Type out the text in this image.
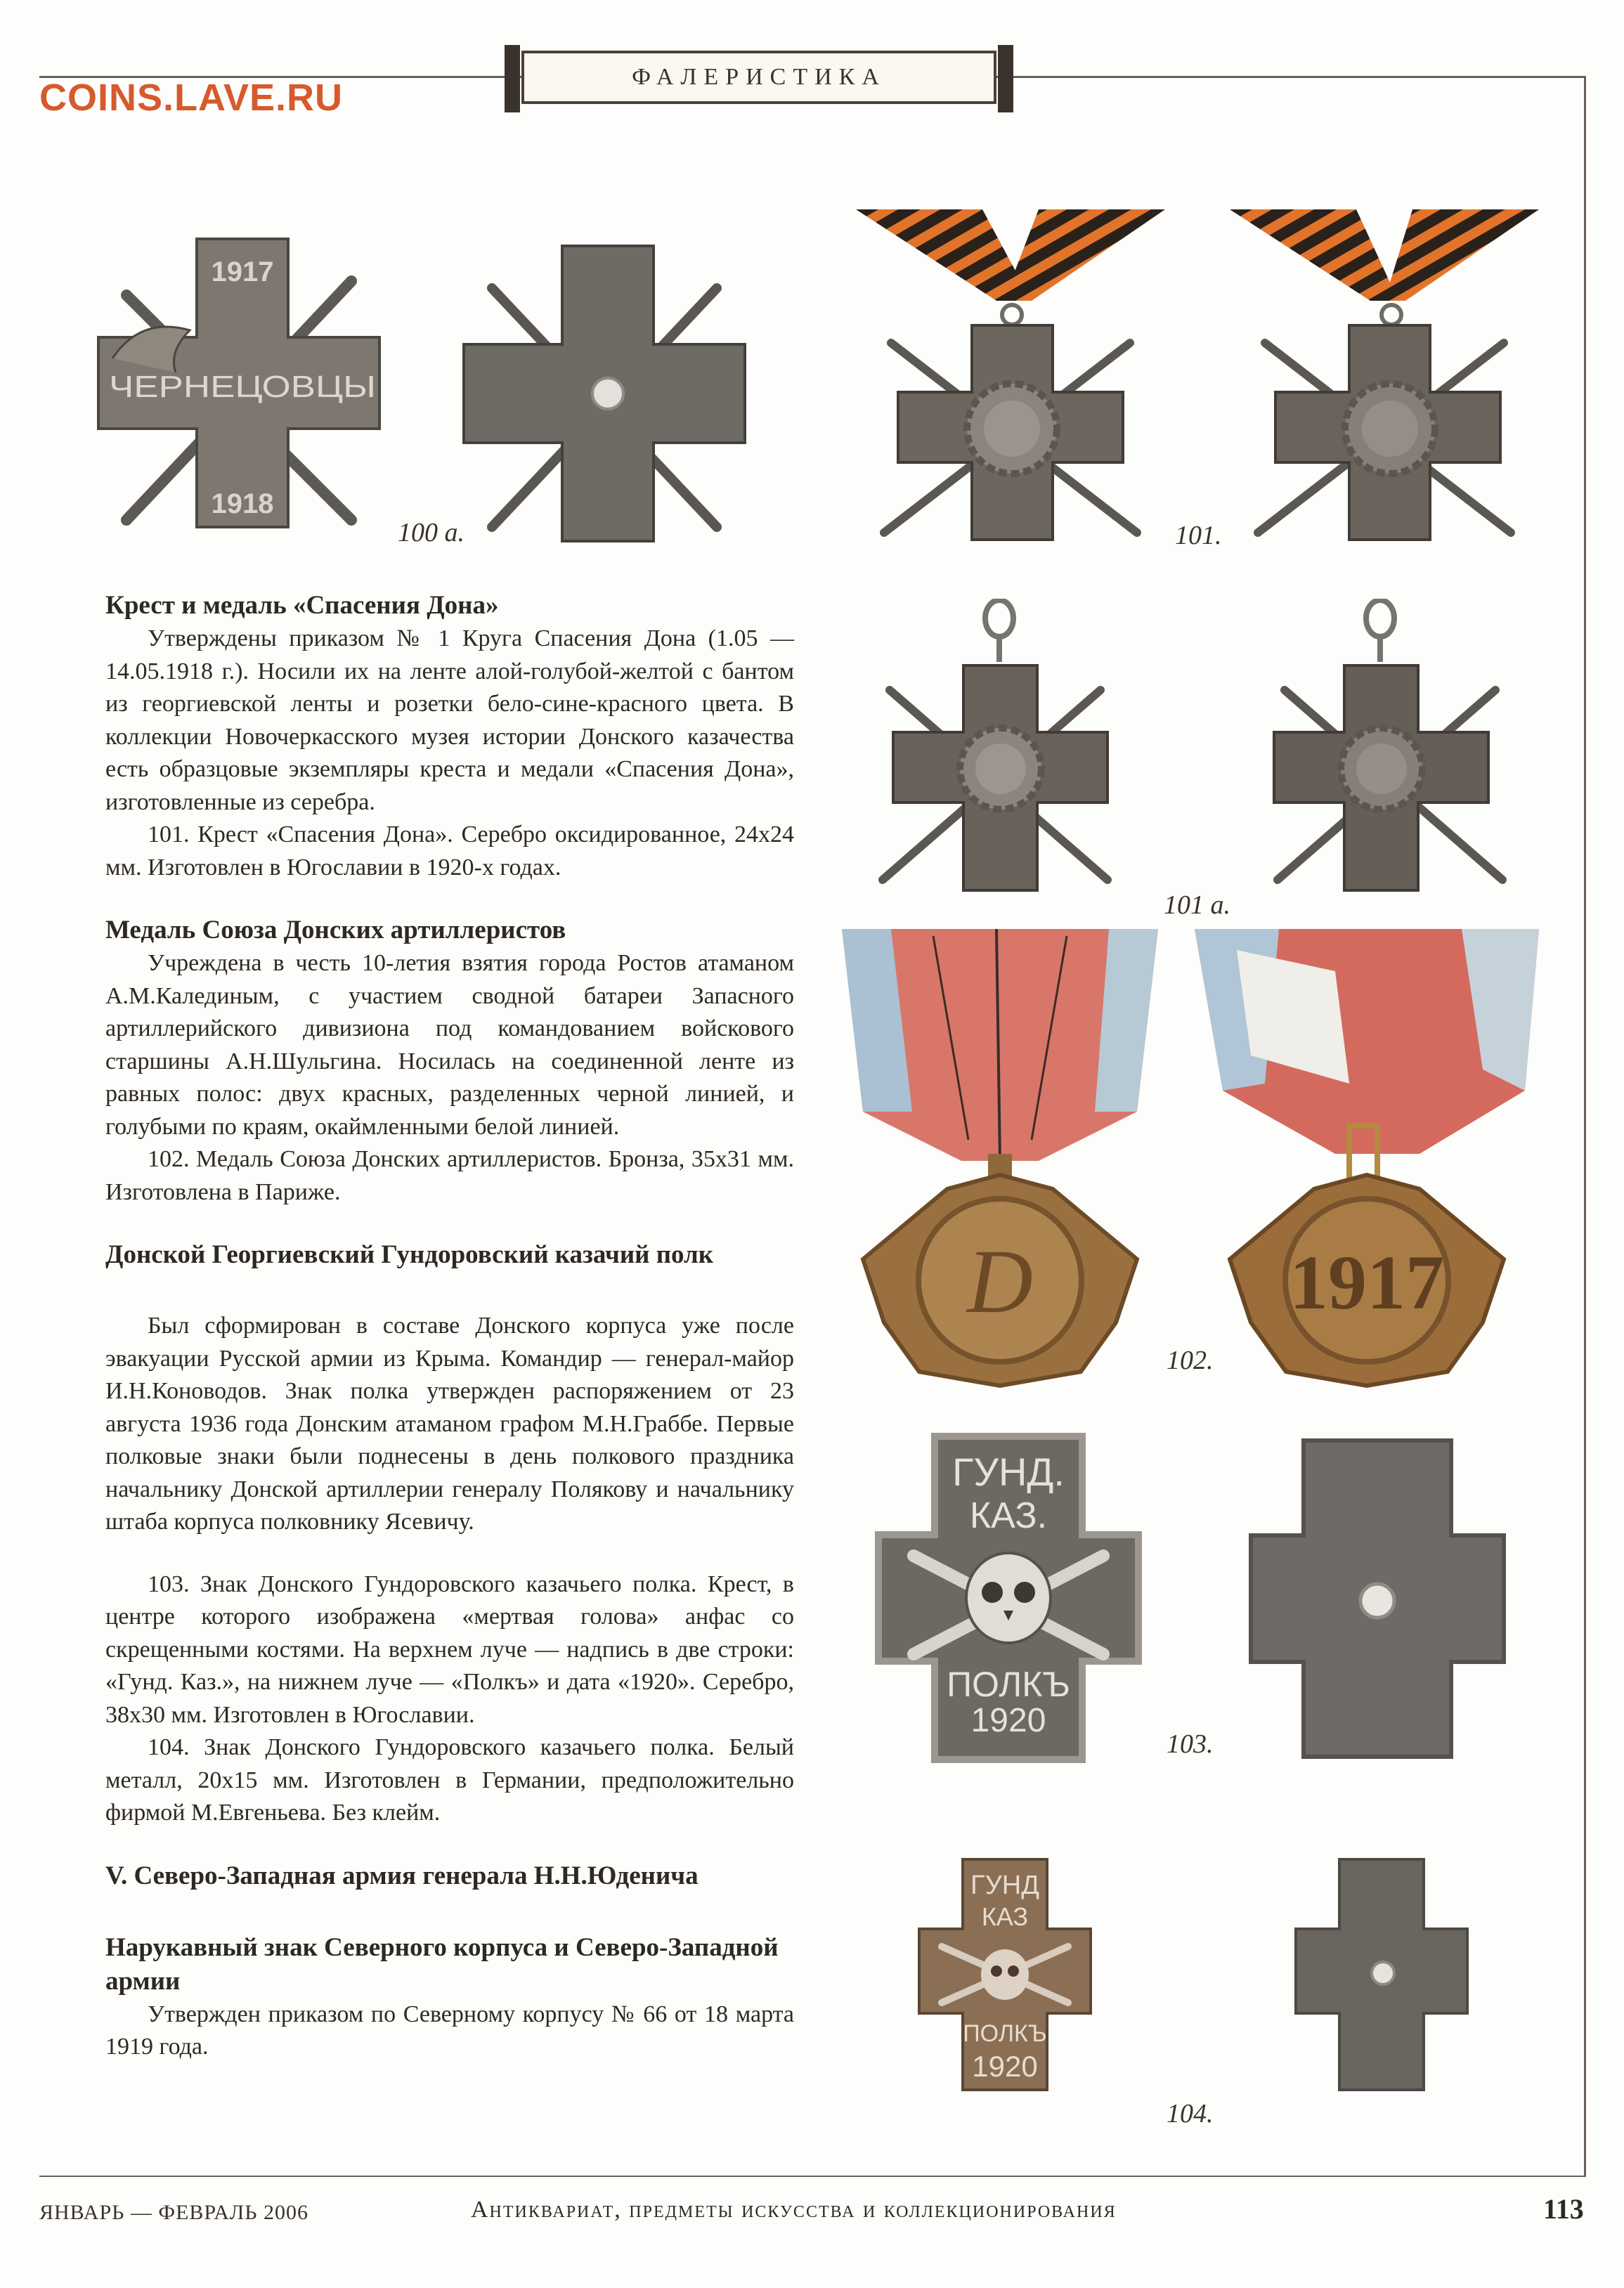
COINS.LAVE.RU	ФАЛЕРИСТИКА
1917
ЧЕРНЕЦОВЦЫ
1918
100 а.	101.
101 а.
D	1917
102.
ГУНД.
КАЗ.
ПОЛКЪ
1920
103.
ГУНД
КАЗ
ПОЛКЪ
1920
104.
Крест и медаль «Спасения Дона»

Утверждены приказом № 1 Круга Спасения Дона (1.05 — 14.05.1918 г.). Носили их на ленте алой-голубой-желтой с бантом из георгиевской ленты и розетки бело-сине-красного цвета. В коллекции Новочеркасского музея истории Донского казачества есть образцовые экземпляры креста и медали «Спасения Дона», изготовленные из серебра.

101. Крест «Спасения Дона». Серебро оксидированное, 24х24 мм. Изготовлен в Югославии в 1920-х годах.

Медаль Союза Донских артиллеристов

Учреждена в честь 10-летия взятия города Ростов атаманом А.М.Калединым, с участием сводной батареи Запасного артиллерийского дивизиона под командованием войскового старшины А.Н.Шульгина. Носилась на соединенной ленте из равных полос: двух красных, разделенных черной линией, и голубыми по краям, окаймленными белой линией.

102. Медаль Союза Донских артиллеристов. Бронза, 35х31 мм. Изготовлена в Париже.

Донской Георгиевский Гундоровский казачий полк

Был сформирован в составе Донского корпуса уже после эвакуации Русской армии из Крыма. Командир — генерал-майор И.Н.Коноводов. Знак полка утвержден распоряжением от 23 августа 1936 года Донским атаманом графом М.Н.Граббе. Первые полковые знаки были поднесены в день полкового праздника начальнику Донской артиллерии генералу Полякову и начальнику штаба корпуса полковнику Ясевичу.

103. Знак Донского Гундоровского казачьего полка. Крест, в центре которого изображена «мертвая голова» анфас со скрещенными костями. На верхнем луче — надпись в две строки: «Гунд. Каз.», на нижнем луче — «Полкъ» и дата «1920». Серебро, 38х30 мм. Изготовлен в Югославии.

104. Знак Донского Гундоровского казачьего полка. Белый металл, 20х15 мм. Изготовлен в Германии, предположительно фирмой М.Евгеньева. Без клейм.

V. Северо-Западная армия генерала Н.Н.Юденича
Нарукавный знак Северного корпуса и Северо-Западной армии

Утвержден приказом по Северному корпусу № 66 от 18 марта 1919 года.

ЯНВАРЬ — ФЕВРАЛЬ 2006	Антиквариат, предметы искусства и коллекционирования	113
